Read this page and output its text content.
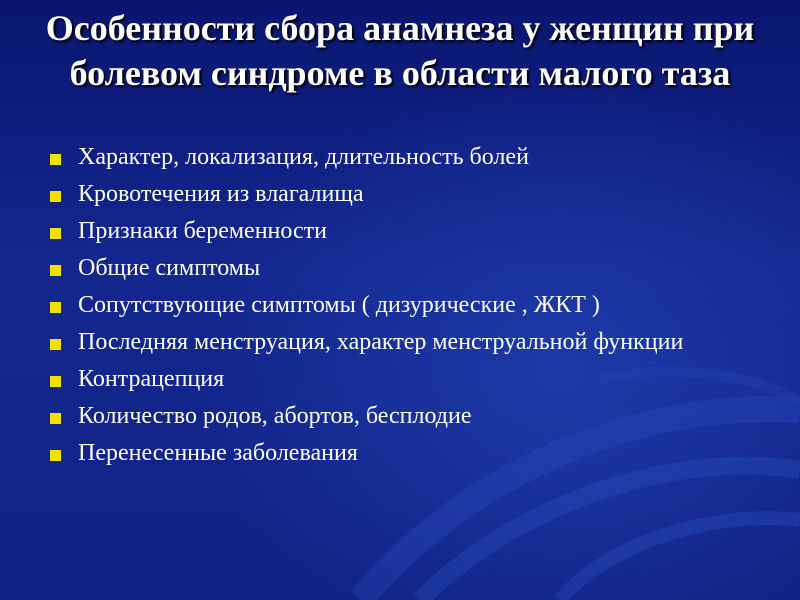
Особенности сбора анамнеза у женщин при болевом синдроме в области малого таза
Характер, локализация, длительность болей
Кровотечения из влагалища
Признаки беременности
Общие симптомы
Сопутствующие симптомы ( дизурические , ЖКТ )
Последняя менструация, характер менструальной функции
Контрацепция
Количество родов, абортов, бесплодие
Перенесенные заболевания
